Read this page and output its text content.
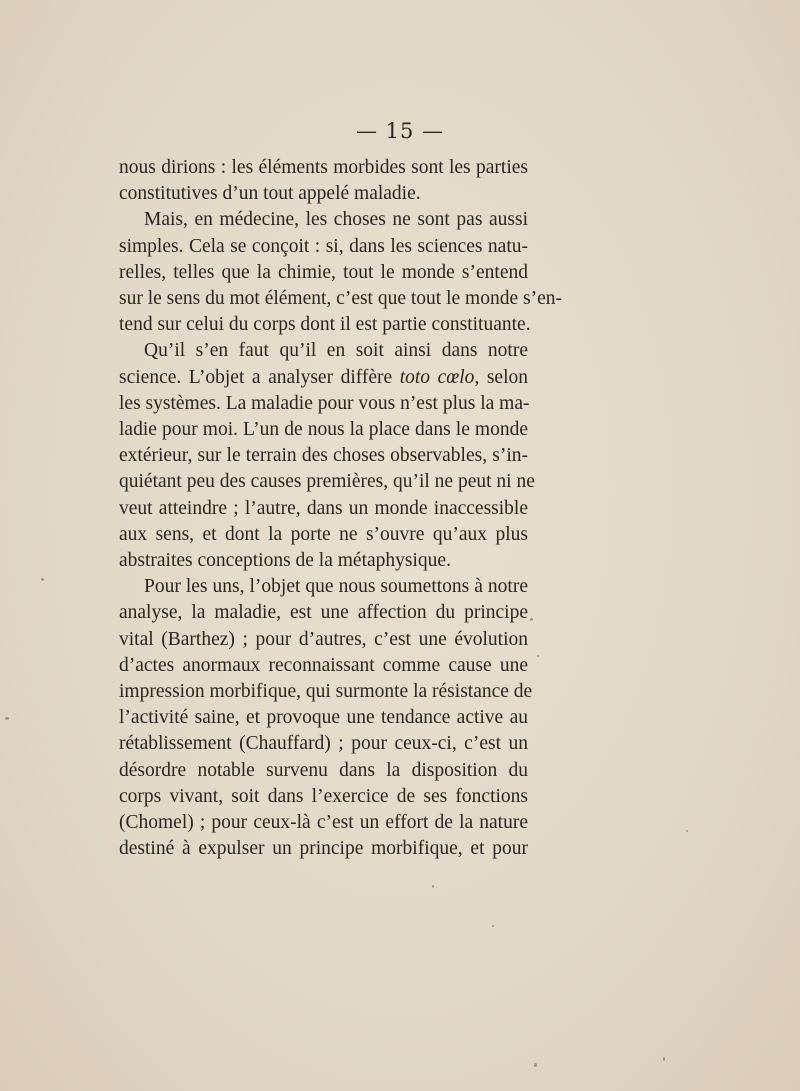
— 15 —
nous dirions : les éléments morbides sont les parties
constitutives d’un tout appelé maladie.
Mais, en médecine, les choses ne sont pas aussi
simples. Cela se conçoit : si, dans les sciences natu-
relles, telles que la chimie, tout le monde s’entend
sur le sens du mot élément, c’est que tout le monde s’en-
tend sur celui du corps dont il est partie constituante.
Qu’il s’en faut qu’il en soit ainsi dans notre
science. L’objet a analyser diffère toto cœlo, selon
les systèmes. La maladie pour vous n’est plus la ma-
ladie pour moi. L’un de nous la place dans le monde
extérieur, sur le terrain des choses observables, s’in-
quiétant peu des causes premières, qu’il ne peut ni ne
veut atteindre ; l’autre, dans un monde inaccessible
aux sens, et dont la porte ne s’ouvre qu’aux plus
abstraites conceptions de la métaphysique.
Pour les uns, l’objet que nous soumettons à notre
analyse, la maladie, est une affection du principe
vital (Barthez) ; pour d’autres, c’est une évolution
d’actes anormaux reconnaissant comme cause une
impression morbifique, qui surmonte la résistance de
l’activité saine, et provoque une tendance active au
rétablissement (Chauffard) ; pour ceux-ci, c’est un
désordre notable survenu dans la disposition du
corps vivant, soit dans l’exercice de ses fonctions
(Chomel) ; pour ceux-là c’est un effort de la nature
destiné à expulser un principe morbifique, et pour
